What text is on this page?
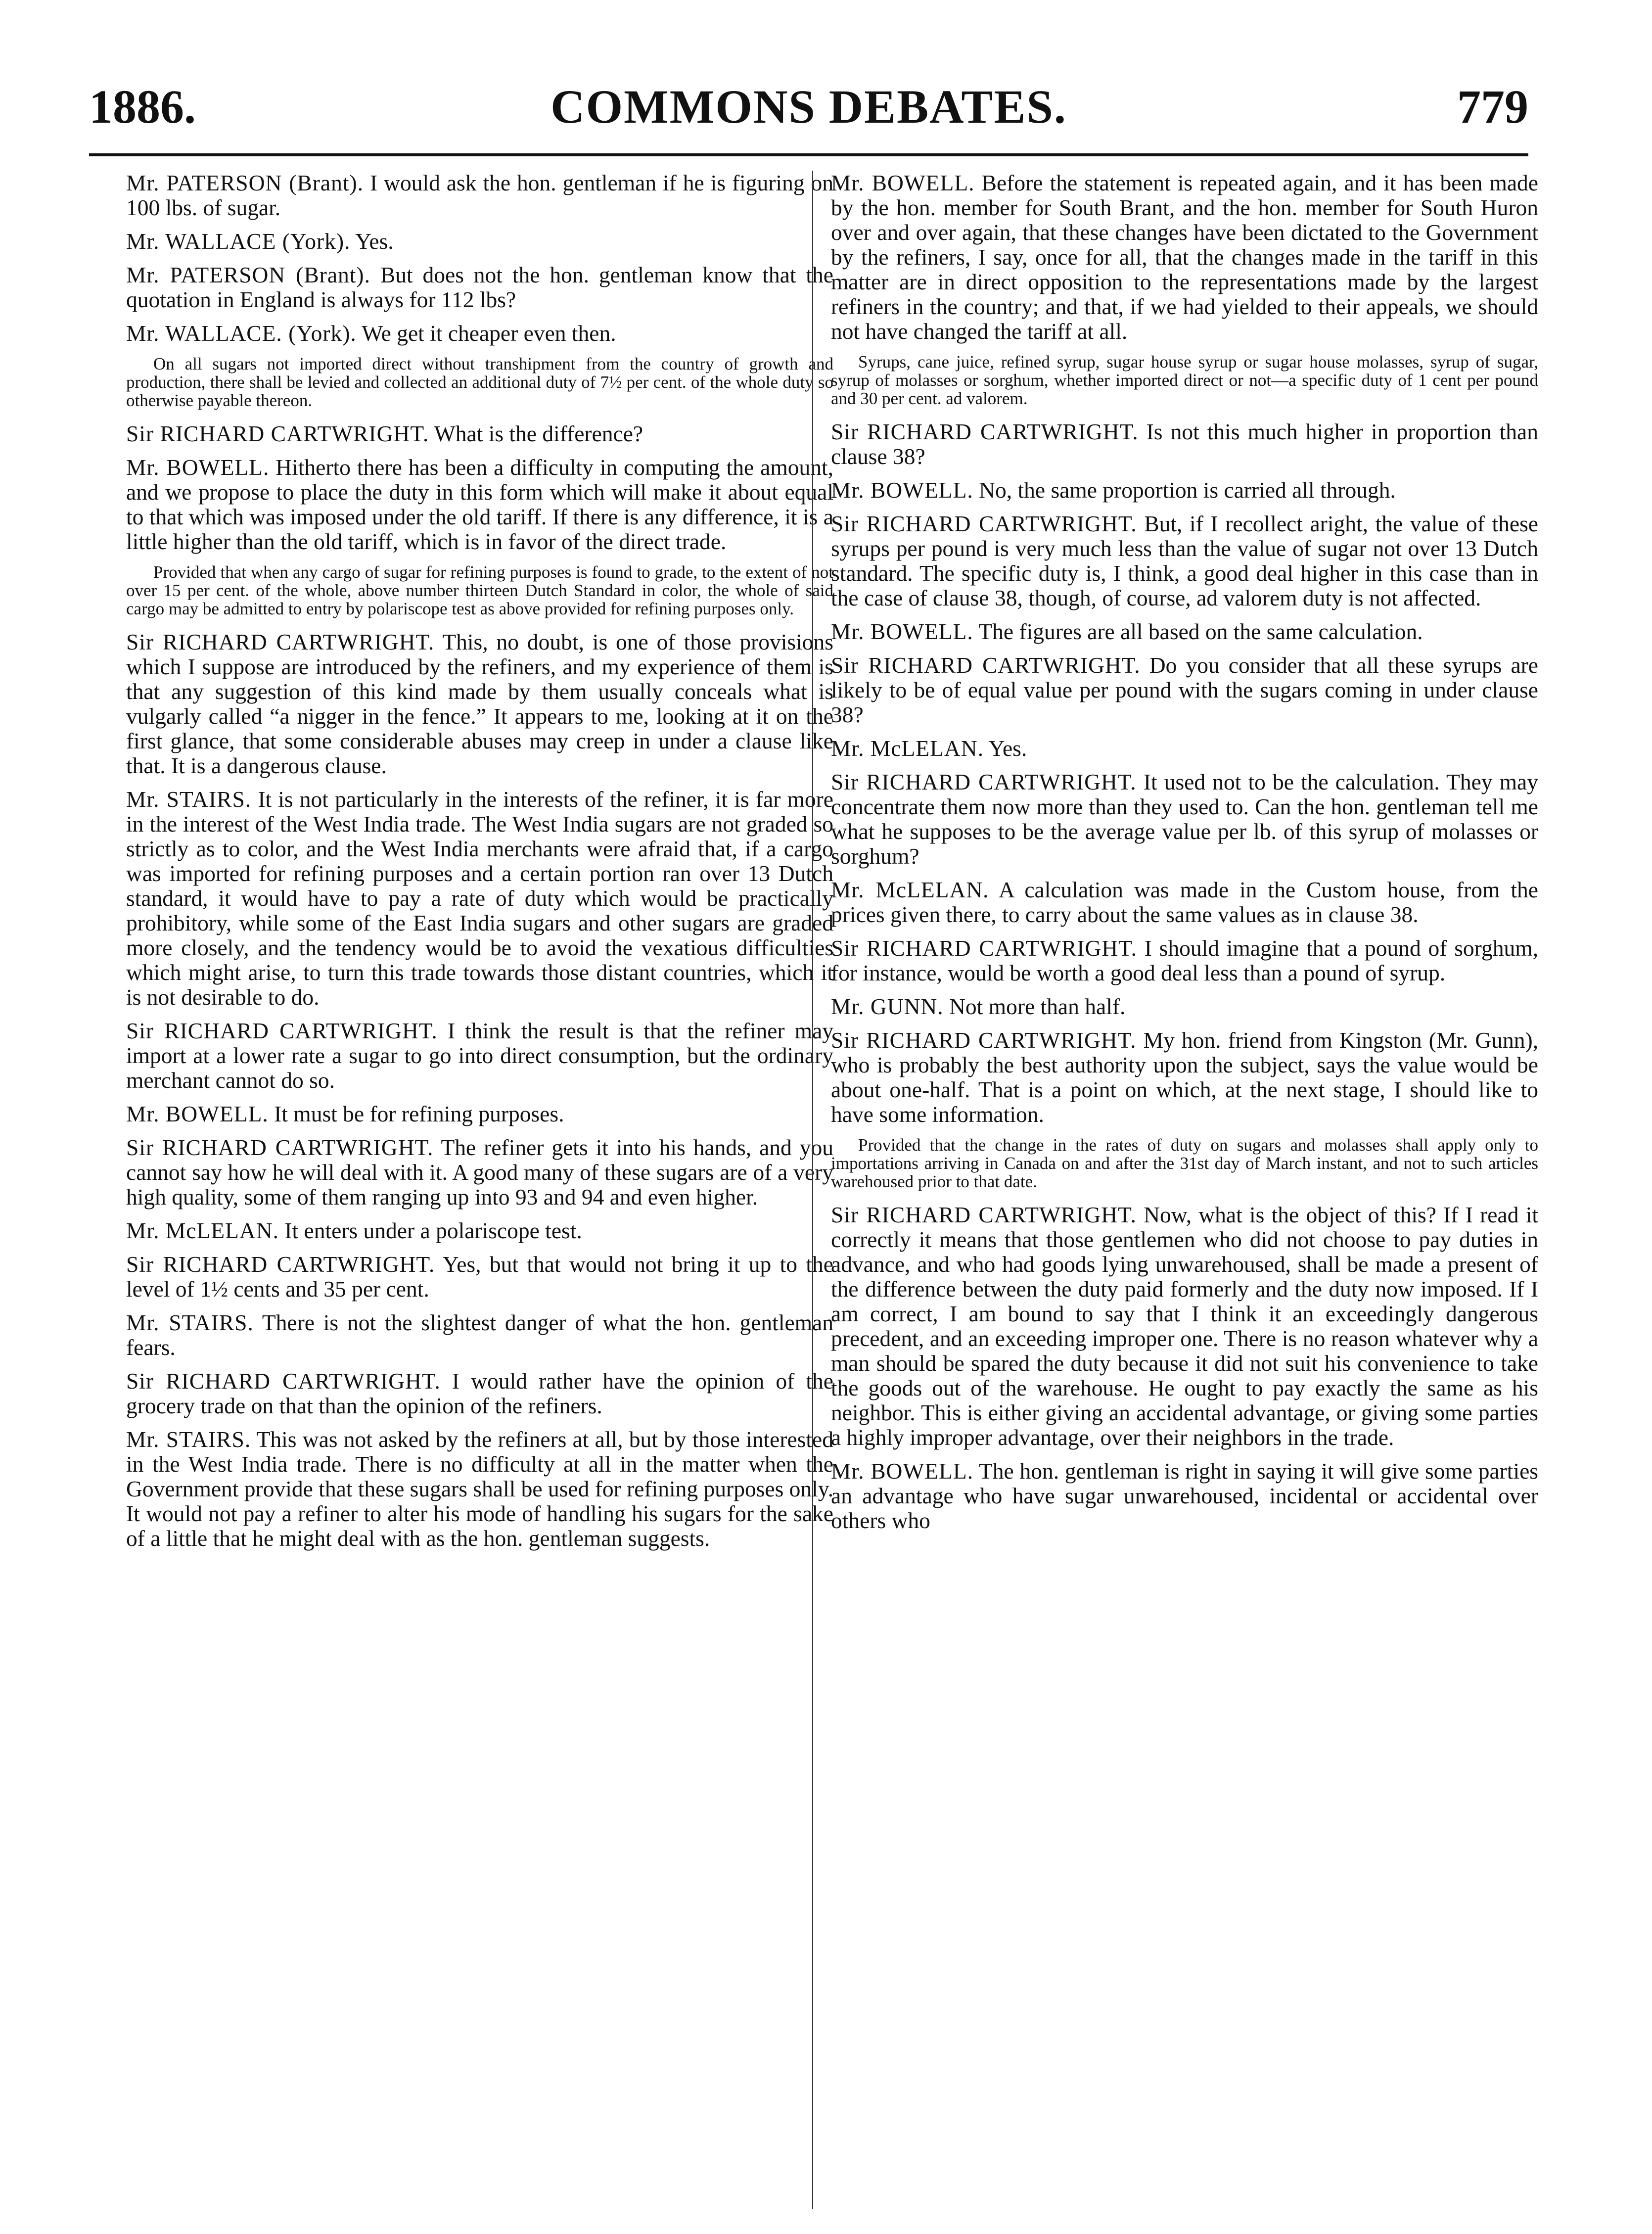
1886.	COMMONS DEBATES.	779

Mr. PATERSON (Brant). I would ask the hon. gentleman if he is figuring on 100 lbs. of sugar.

Mr. WALLACE (York). Yes.

Mr. PATERSON (Brant). But does not the hon. gentleman know that the quotation in England is always for 112 lbs?

Mr. WALLACE. (York). We get it cheaper even then.

On all sugars not imported direct without transhipment from the country of growth and production, there shall be levied and collected an additional duty of 7½ per cent. of the whole duty so otherwise payable thereon.

Sir RICHARD CARTWRIGHT. What is the difference?

Mr. BOWELL. Hitherto there has been a difficulty in computing the amount, and we propose to place the duty in this form which will make it about equal to that which was imposed under the old tariff. If there is any difference, it is a little higher than the old tariff, which is in favor of the direct trade.

Provided that when any cargo of sugar for refining purposes is found to grade, to the extent of not over 15 per cent. of the whole, above number thirteen Dutch Standard in color, the whole of said cargo may be admitted to entry by polariscope test as above provided for refining purposes only.

Sir RICHARD CARTWRIGHT. This, no doubt, is one of those provisions which I suppose are introduced by the refiners, and my experience of them is that any suggestion of this kind made by them usually conceals what is vulgarly called “a nigger in the fence.” It appears to me, looking at it on the first glance, that some considerable abuses may creep in under a clause like that. It is a dangerous clause.

Mr. STAIRS. It is not particularly in the interests of the refiner, it is far more in the interest of the West India trade. The West India sugars are not graded so strictly as to color, and the West India merchants were afraid that, if a cargo was imported for refining purposes and a certain portion ran over 13 Dutch standard, it would have to pay a rate of duty which would be practically prohibitory, while some of the East India sugars and other sugars are graded more closely, and the tendency would be to avoid the vexatious difficulties which might arise, to turn this trade towards those distant countries, which it is not desirable to do.

Sir RICHARD CARTWRIGHT. I think the result is that the refiner may import at a lower rate a sugar to go into direct consumption, but the ordinary merchant cannot do so.

Mr. BOWELL. It must be for refining purposes.

Sir RICHARD CARTWRIGHT. The refiner gets it into his hands, and you cannot say how he will deal with it. A good many of these sugars are of a very high quality, some of them ranging up into 93 and 94 and even higher.

Mr. McLELAN. It enters under a polariscope test.

Sir RICHARD CARTWRIGHT. Yes, but that would not bring it up to the level of 1½ cents and 35 per cent.

Mr. STAIRS. There is not the slightest danger of what the hon. gentleman fears.

Sir RICHARD CARTWRIGHT. I would rather have the opinion of the grocery trade on that than the opinion of the refiners.

Mr. STAIRS. This was not asked by the refiners at all, but by those interested in the West India trade. There is no difficulty at all in the matter when the Government provide that these sugars shall be used for refining purposes only. It would not pay a refiner to alter his mode of handling his sugars for the sake of a little that he might deal with as the hon. gentleman suggests.

Mr. BOWELL. Before the statement is repeated again, and it has been made by the hon. member for South Brant, and the hon. member for South Huron over and over again, that these changes have been dictated to the Government by the refiners, I say, once for all, that the changes made in the tariff in this matter are in direct opposition to the representations made by the largest refiners in the country; and that, if we had yielded to their appeals, we should not have changed the tariff at all.

Syrups, cane juice, refined syrup, sugar house syrup or sugar house molasses, syrup of sugar, syrup of molasses or sorghum, whether imported direct or not—a specific duty of 1 cent per pound and 30 per cent. ad valorem.

Sir RICHARD CARTWRIGHT. Is not this much higher in proportion than clause 38?

Mr. BOWELL. No, the same proportion is carried all through.

Sir RICHARD CARTWRIGHT. But, if I recollect aright, the value of these syrups per pound is very much less than the value of sugar not over 13 Dutch standard. The specific duty is, I think, a good deal higher in this case than in the case of clause 38, though, of course, ad valorem duty is not affected.

Mr. BOWELL. The figures are all based on the same calculation.

Sir RICHARD CARTWRIGHT. Do you consider that all these syrups are likely to be of equal value per pound with the sugars coming in under clause 38?

Mr. McLELAN. Yes.

Sir RICHARD CARTWRIGHT. It used not to be the calculation. They may concentrate them now more than they used to. Can the hon. gentleman tell me what he supposes to be the average value per lb. of this syrup of molasses or sorghum?

Mr. McLELAN. A calculation was made in the Custom house, from the prices given there, to carry about the same values as in clause 38.

Sir RICHARD CARTWRIGHT. I should imagine that a pound of sorghum, for instance, would be worth a good deal less than a pound of syrup.

Mr. GUNN. Not more than half.

Sir RICHARD CARTWRIGHT. My hon. friend from Kingston (Mr. Gunn), who is probably the best authority upon the subject, says the value would be about one-half. That is a point on which, at the next stage, I should like to have some information.

Provided that the change in the rates of duty on sugars and molasses shall apply only to importations arriving in Canada on and after the 31st day of March instant, and not to such articles warehoused prior to that date.

Sir RICHARD CARTWRIGHT. Now, what is the object of this? If I read it correctly it means that those gentlemen who did not choose to pay duties in advance, and who had goods lying unwarehoused, shall be made a present of the difference between the duty paid formerly and the duty now imposed. If I am correct, I am bound to say that I think it an exceedingly dangerous precedent, and an exceeding improper one. There is no reason whatever why a man should be spared the duty because it did not suit his convenience to take the goods out of the warehouse. He ought to pay exactly the same as his neighbor. This is either giving an accidental advantage, or giving some parties a highly improper advantage, over their neighbors in the trade.

Mr. BOWELL. The hon. gentleman is right in saying it will give some parties an advantage who have sugar unwarehoused, incidental or accidental over others who
